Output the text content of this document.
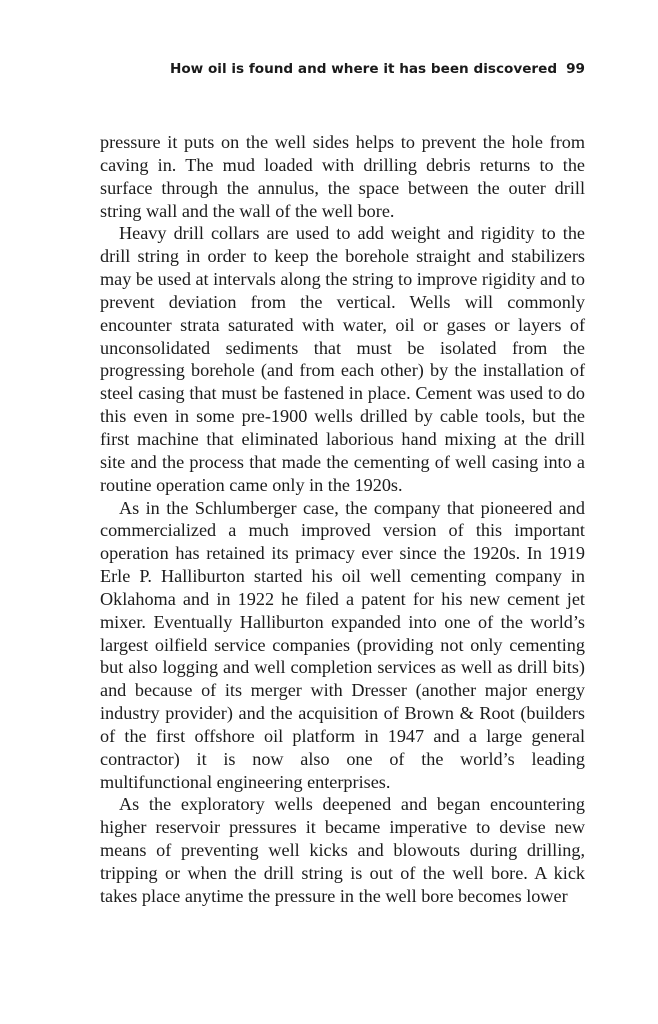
How oil is found and where it has been discovered 99

pressure it puts on the well sides helps to prevent the hole from caving in. The mud loaded with drilling debris returns to the surface through the annulus, the space between the outer drill string wall and the wall of the well bore.

Heavy drill collars are used to add weight and rigidity to the drill string in order to keep the borehole straight and stabilizers may be used at intervals along the string to improve rigidity and to prevent deviation from the vertical. Wells will commonly encounter strata saturated with water, oil or gases or layers of unconsolidated sediments that must be isolated from the progressing borehole (and from each other) by the installation of steel casing that must be fastened in place. Cement was used to do this even in some pre-1900 wells drilled by cable tools, but the first machine that eliminated laborious hand mixing at the drill site and the process that made the cementing of well casing into a routine operation came only in the 1920s.

As in the Schlumberger case, the company that pioneered and commercialized a much improved version of this important operation has retained its primacy ever since the 1920s. In 1919 Erle P. Halliburton started his oil well cementing company in Oklahoma and in 1922 he filed a patent for his new cement jet mixer. Eventually Halliburton expanded into one of the world’s largest oilfield service companies (providing not only cementing but also logging and well completion services as well as drill bits) and because of its merger with Dresser (another major energy industry provider) and the acquisition of Brown & Root (builders of the first offshore oil platform in 1947 and a large general contractor) it is now also one of the world’s leading multifunctional engineering enterprises.

As the exploratory wells deepened and began encountering higher reservoir pressures it became imperative to devise new means of preventing well kicks and blowouts during drilling, tripping or when the drill string is out of the well bore. A kick takes place anytime the pressure in the well bore becomes lower
